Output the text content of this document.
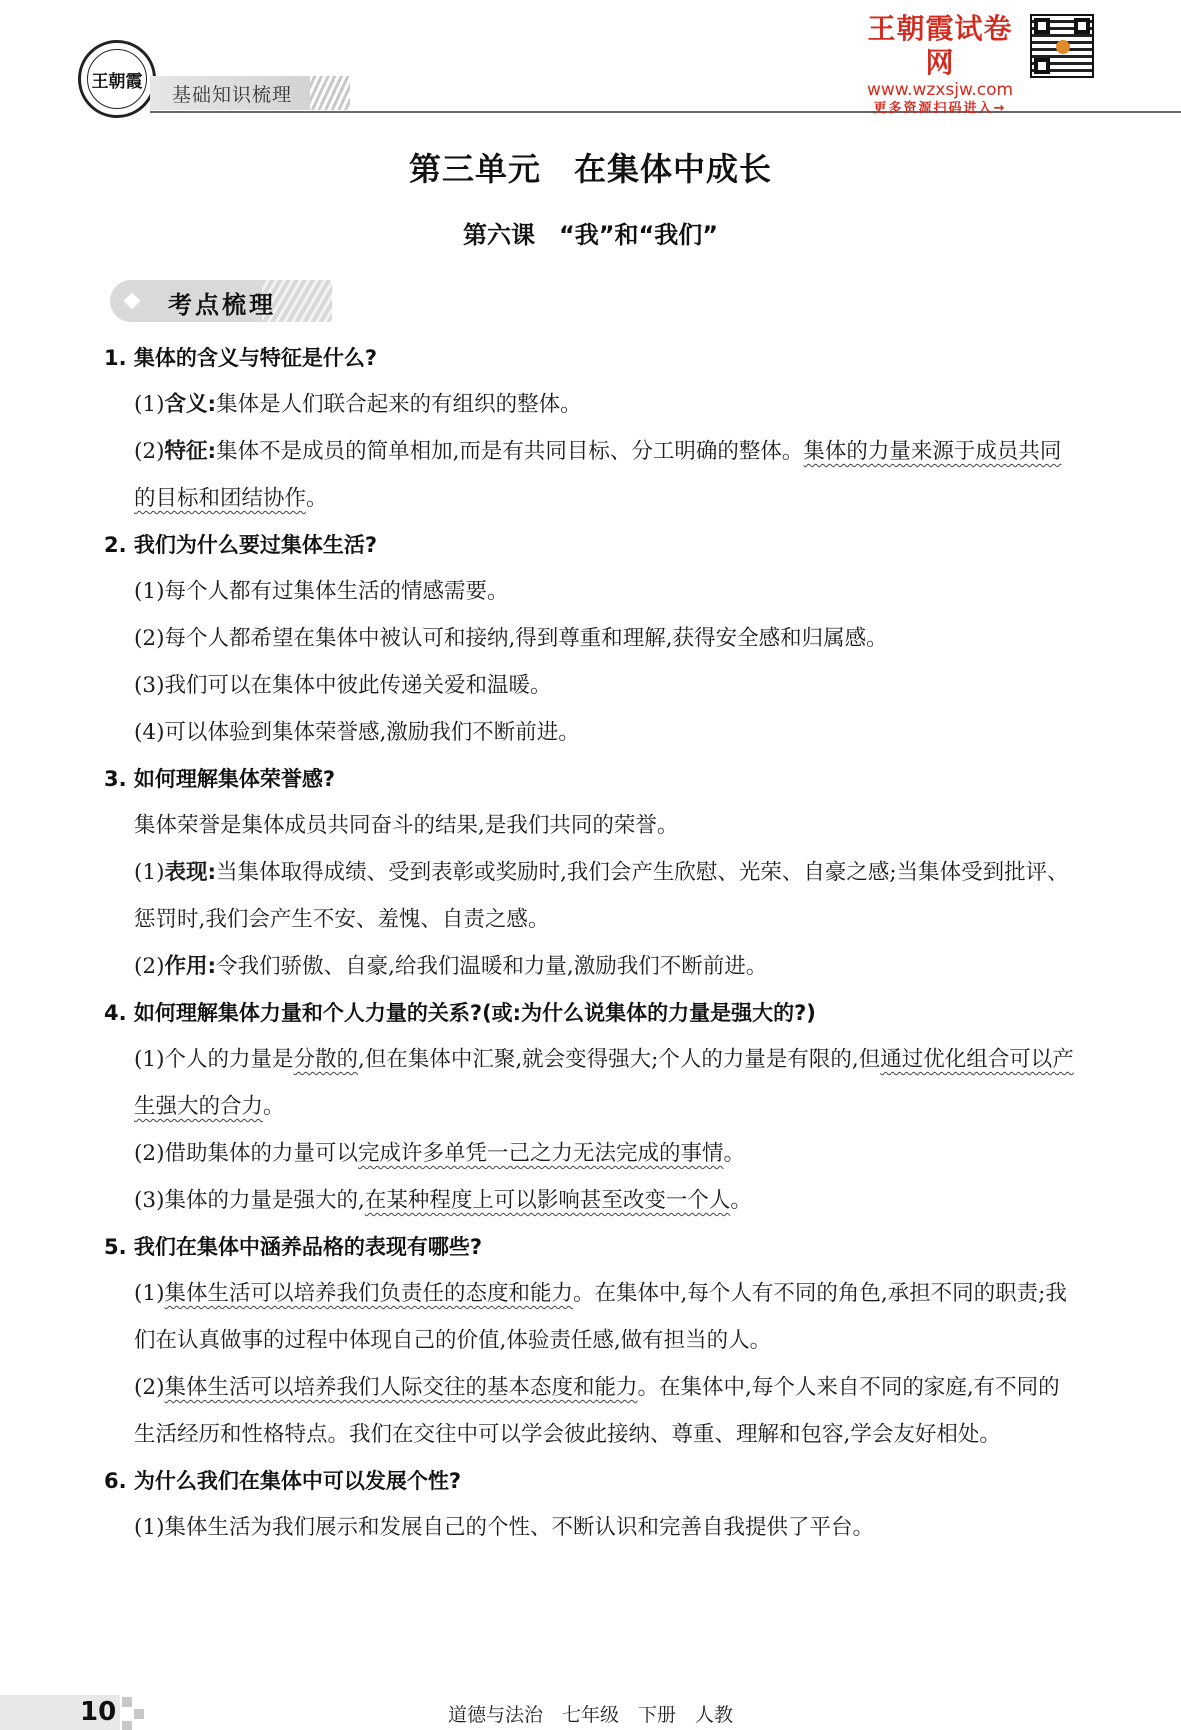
王朝霞
基础知识梳理
王朝霞试卷网
www.wzxsjw.com
更多资源扫码进入→
第三单元　在集体中成长
第六课　“我”和“我们”
考点梳理
1. 集体的含义与特征是什么?
(1)含义:集体是人们联合起来的有组织的整体。
(2)特征:集体不是成员的简单相加,而是有共同目标、分工明确的整体。集体的力量来源于成员共同的目标和团结协作。
2. 我们为什么要过集体生活?
(1)每个人都有过集体生活的情感需要。
(2)每个人都希望在集体中被认可和接纳,得到尊重和理解,获得安全感和归属感。
(3)我们可以在集体中彼此传递关爱和温暖。
(4)可以体验到集体荣誉感,激励我们不断前进。
3. 如何理解集体荣誉感?
集体荣誉是集体成员共同奋斗的结果,是我们共同的荣誉。
(1)表现:当集体取得成绩、受到表彰或奖励时,我们会产生欣慰、光荣、自豪之感;当集体受到批评、惩罚时,我们会产生不安、羞愧、自责之感。
(2)作用:令我们骄傲、自豪,给我们温暖和力量,激励我们不断前进。
4. 如何理解集体力量和个人力量的关系?(或:为什么说集体的力量是强大的?)
(1)个人的力量是分散的,但在集体中汇聚,就会变得强大;个人的力量是有限的,但通过优化组合可以产生强大的合力。
(2)借助集体的力量可以完成许多单凭一己之力无法完成的事情。
(3)集体的力量是强大的,在某种程度上可以影响甚至改变一个人。
5. 我们在集体中涵养品格的表现有哪些?
(1)集体生活可以培养我们负责任的态度和能力。在集体中,每个人有不同的角色,承担不同的职责;我们在认真做事的过程中体现自己的价值,体验责任感,做有担当的人。
(2)集体生活可以培养我们人际交往的基本态度和能力。在集体中,每个人来自不同的家庭,有不同的生活经历和性格特点。我们在交往中可以学会彼此接纳、尊重、理解和包容,学会友好相处。
6. 为什么我们在集体中可以发展个性?
(1)集体生活为我们展示和发展自己的个性、不断认识和完善自我提供了平台。
10	道德与法治　七年级　下册　人教
